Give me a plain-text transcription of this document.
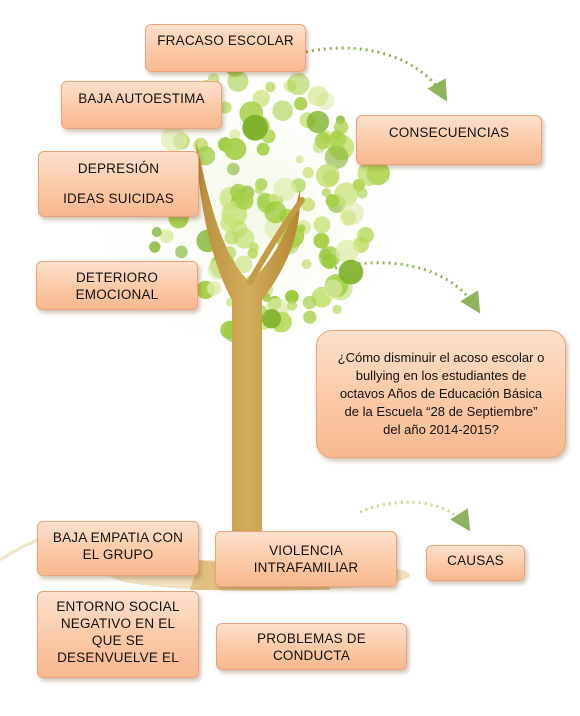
FRACASO ESCOLAR
BAJA AUTOESTIMA
DEPRESIÓN
IDEAS SUICIDAS
DETERIORO
EMOCIONAL
CONSECUENCIAS
¿Cómo disminuir el acoso escolar o
bullying en los estudiantes de
octavos Años de Educación Básica
de la Escuela “28 de Septiembre”
del año 2014-2015?
BAJA EMPATIA CON
EL GRUPO	VIOLENCIA
INTRAFAMILIAR	CAUSAS
ENTORNO SOCIAL
NEGATIVO EN EL
QUE SE
DESENVUELVE EL
PROBLEMAS DE
CONDUCTA
